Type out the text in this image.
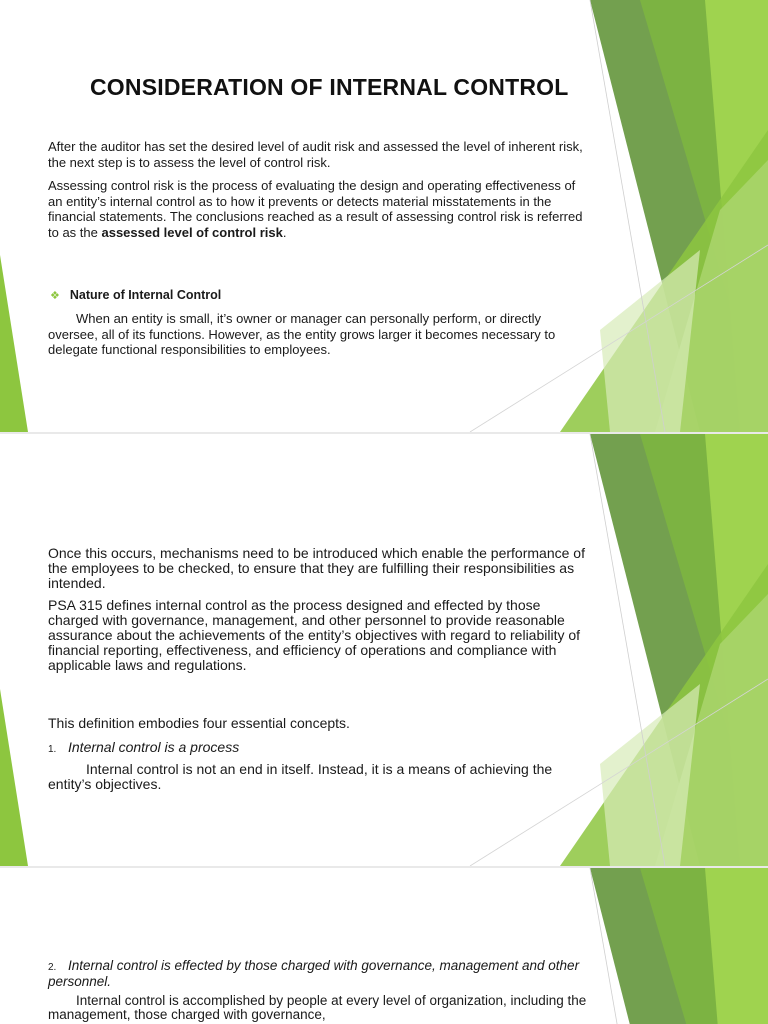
CONSIDERATION OF INTERNAL CONTROL
After the auditor has set the desired level of audit risk and assessed the level of inherent risk, the next step is to assess the level of control risk.
Assessing control risk is the process of evaluating the design and operating effectiveness of an entity’s internal control as to how it prevents or detects material misstatements in the financial statements. The conclusions reached as a result of assessing control risk is referred to as the assessed level of control risk.
❖ Nature of Internal Control
When an entity is small, it’s owner or manager can personally perform, or directly oversee, all of its functions. However, as the entity grows larger it becomes necessary to delegate functional responsibilities to employees.
Once this occurs, mechanisms need to be introduced which enable the performance of the employees to be checked, to ensure that they are fulfilling their responsibilities as intended.
PSA 315 defines internal control as the process designed and effected by those charged with governance, management, and other personnel to provide reasonable assurance about the achievements of the entity’s objectives with regard to reliability of financial reporting, effectiveness, and efficiency of operations and compliance with applicable laws and regulations.
This definition embodies four essential concepts.
1. Internal control is a process
Internal control is not an end in itself. Instead, it is a means of achieving the entity’s objectives.
2. Internal control is effected by those charged with governance, management and other personnel.
Internal control is accomplished by people at every level of organization, including the management, those charged with governance,
